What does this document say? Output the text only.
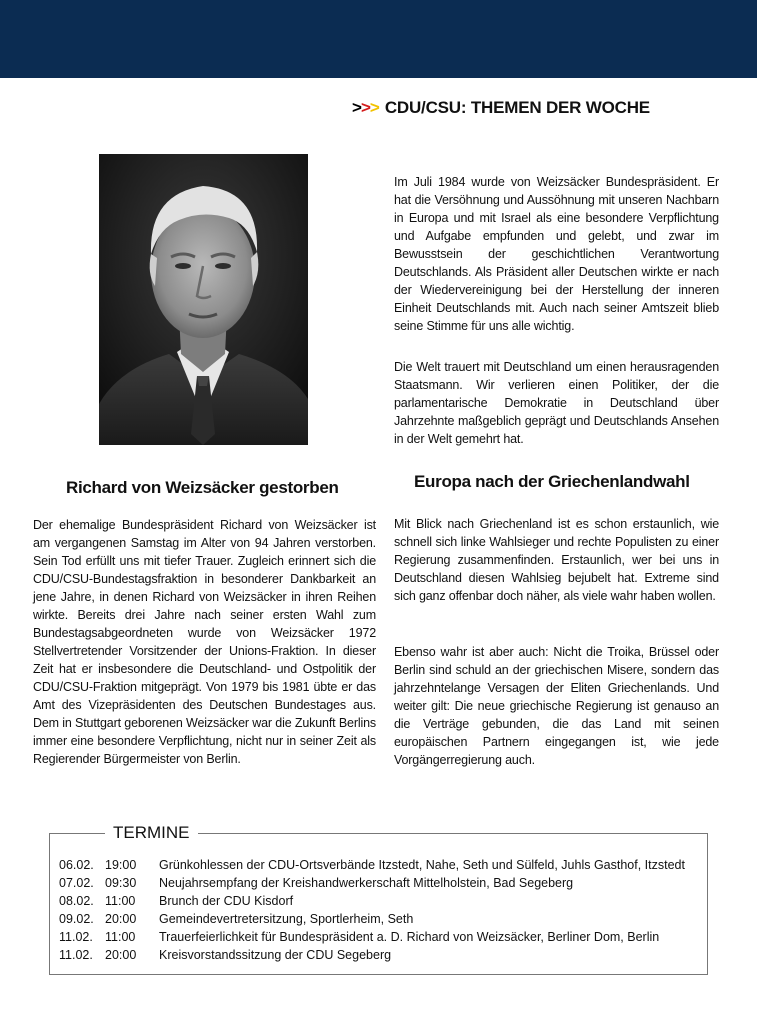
> > > CDU/CSU: THEMEN DER WOCHE
Richard von Weizsäcker gestorben

Der ehemalige Bundespräsident Richard von Weizsäcker ist am vergangenen Samstag im Alter von 94 Jahren verstorben. Sein Tod erfüllt uns mit tiefer Trauer. Zugleich erinnert sich die CDU/CSU-Bundestagsfraktion in besonderer Dankbarkeit an jene Jahre, in denen Richard von Weizsäcker in ihren Reihen wirkte. Bereits drei Jahre nach seiner ersten Wahl zum Bundestagsabgeordneten wurde von Weizsäcker 1972 Stellvertretender Vorsitzender der Unions-Fraktion. In dieser Zeit hat er insbesondere die Deutschland- und Ostpolitik der CDU/CSU-Fraktion mitgeprägt. Von 1979 bis 1981 übte er das Amt des Vizepräsidenten des Deutschen Bundestages aus. Dem in Stuttgart geborenen Weizsäcker war die Zukunft Berlins immer eine besondere Verpflichtung, nicht nur in seiner Zeit als Regierender Bürgermeister von Berlin.

Im Juli 1984 wurde von Weizsäcker Bundespräsident. Er hat die Versöhnung und Aussöhnung mit unseren Nachbarn in Europa und mit Israel als eine besondere Verpflichtung und Aufgabe empfunden und gelebt, und zwar im Bewusstsein der geschichtlichen Verantwortung Deutschlands. Als Präsident aller Deutschen wirkte er nach der Wiedervereinigung bei der Herstellung der inneren Einheit Deutschlands mit. Auch nach seiner Amtszeit blieb seine Stimme für uns alle wichtig.

Die Welt trauert mit Deutschland um einen herausragenden Staatsmann. Wir verlieren einen Politiker, der die parlamentarische Demokratie in Deutschland über Jahrzehnte maßgeblich geprägt und Deutschlands Ansehen in der Welt gemehrt hat.

Europa nach der Griechenlandwahl

Mit Blick nach Griechenland ist es schon erstaunlich, wie schnell sich linke Wahlsieger und rechte Populisten zu einer Regierung zusammenfinden. Erstaunlich, wer bei uns in Deutschland diesen Wahlsieg bejubelt hat. Extreme sind sich ganz offenbar doch näher, als viele wahr haben wollen.

Ebenso wahr ist aber auch: Nicht die Troika, Brüssel oder Berlin sind schuld an der griechischen Misere, sondern das jahrzehntelange Versagen der Eliten Griechenlands. Und weiter gilt: Die neue griechische Regierung ist genauso an die Verträge gebunden, die das Land mit seinen europäischen Partnern eingegangen ist, wie jede Vorgängerregierung auch.

TERMINE
06.02. 19:00	Grünkohlessen der CDU-Ortsverbände Itzstedt, Nahe, Seth und Sülfeld, Juhls Gasthof, Itzstedt
07.02. 09:30	Neujahrsempfang der Kreishandwerkerschaft Mittelholstein, Bad Segeberg
08.02. 11:00	Brunch der CDU Kisdorf
09.02. 20:00	Gemeindevertretersitzung, Sportlerheim, Seth
11.02. 11:00	Trauerfeierlichkeit für Bundespräsident a. D. Richard von Weizsäcker, Berliner Dom, Berlin
11.02. 20:00	Kreisvorstandssitzung der CDU Segeberg
